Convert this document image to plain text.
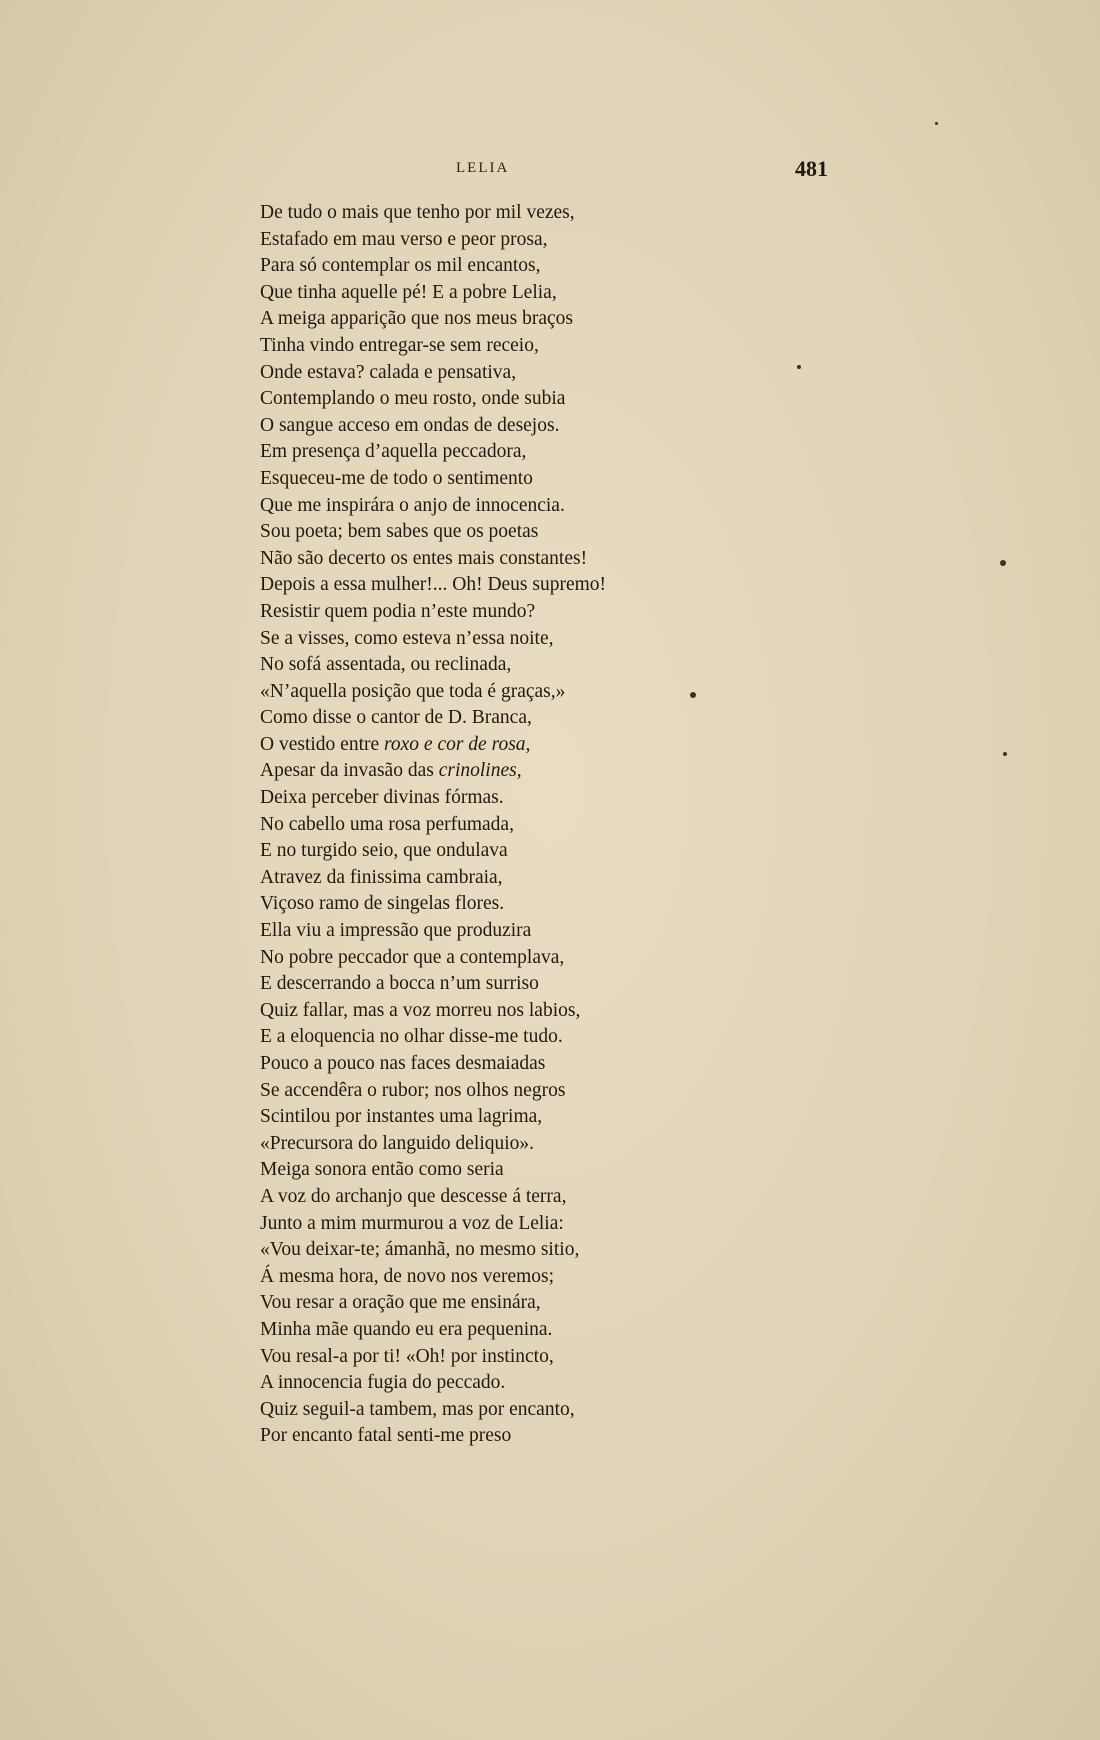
LELIA	481
De tudo o mais que tenho por mil vezes,
Estafado em mau verso e peor prosa,
Para só contemplar os mil encantos,
Que tinha aquelle pé! E a pobre Lelia,
A meiga apparição que nos meus braços
Tinha vindo entregar-se sem receio,
Onde estava? calada e pensativa,
Contemplando o meu rosto, onde subia
O sangue acceso em ondas de desejos.
Em presença d’aquella peccadora,
Esqueceu-me de todo o sentimento
Que me inspirára o anjo de innocencia.
Sou poeta; bem sabes que os poetas
Não são decerto os entes mais constantes!
Depois a essa mulher!... Oh! Deus supremo!
Resistir quem podia n’este mundo?
Se a visses, como esteva n’essa noite,
No sofá assentada, ou reclinada,
«N’aquella posição que toda é graças,»
Como disse o cantor de D. Branca,
O vestido entre roxo e cor de rosa,
Apesar da invasão das crinolines,
Deixa perceber divinas fórmas.
No cabello uma rosa perfumada,
E no turgido seio, que ondulava
Atravez da finissima cambraia,
Viçoso ramo de singelas flores.
Ella viu a impressão que produzira
No pobre peccador que a contemplava,
E descerrando a bocca n’um surriso
Quiz fallar, mas a voz morreu nos labios,
E a eloquencia no olhar disse-me tudo.
Pouco a pouco nas faces desmaiadas
Se accendêra o rubor; nos olhos negros
Scintilou por instantes uma lagrima,
«Precursora do languido deliquio».
Meiga sonora então como seria
A voz do archanjo que descesse á terra,
Junto a mim murmurou a voz de Lelia:
«Vou deixar-te; ámanhã, no mesmo sitio,
Á mesma hora, de novo nos veremos;
Vou resar a oração que me ensinára,
Minha mãe quando eu era pequenina.
Vou resal-a por ti! «Oh! por instincto,
A innocencia fugia do peccado.
Quiz seguil-a tambem, mas por encanto,
Por encanto fatal senti-me preso
